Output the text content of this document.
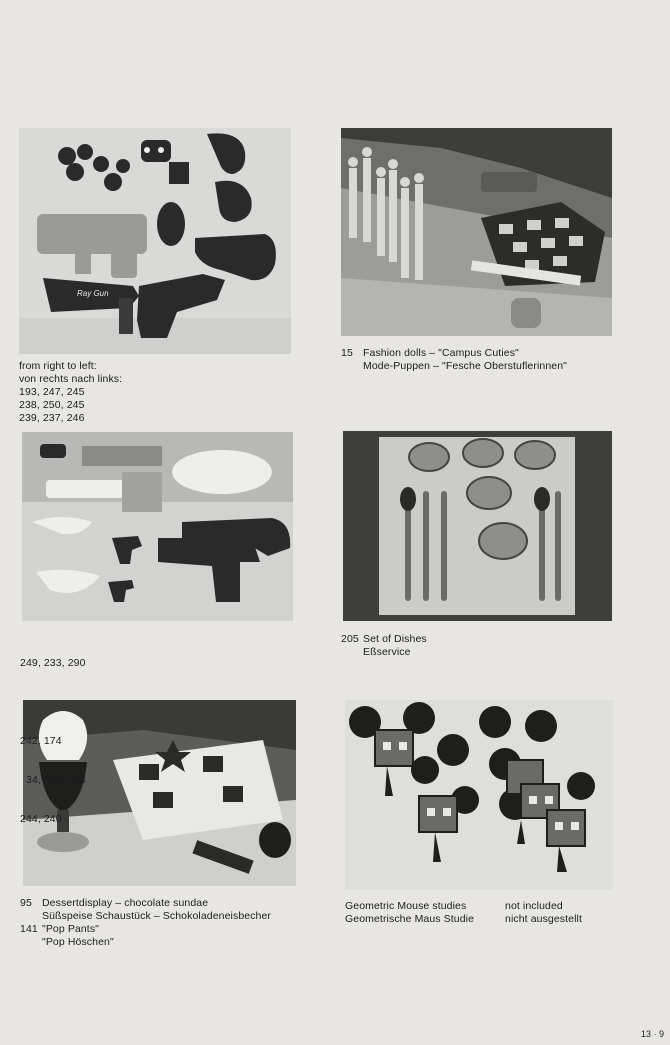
Ray Gun
from right to left:
von rechts nach links:
193, 247, 245
238, 250, 245
239, 237, 246
15 Fashion dolls – "Campus Cuties"
Mode-Puppen – "Fesche Oberstuflerinnen"

249, 233, 290

242, 174

34, 240, 248

244, 240

205 Set of Dishes
Eßservice
95 Dessertdisplay – chocolate sundae
Süßspeise Schaustück – Schokoladeneisbecher
141 "Pop Pants"
"Pop Höschen"
Geometric Mouse studies
Geometrische Maus Studie
not included
nicht ausgestellt
13 · 9
